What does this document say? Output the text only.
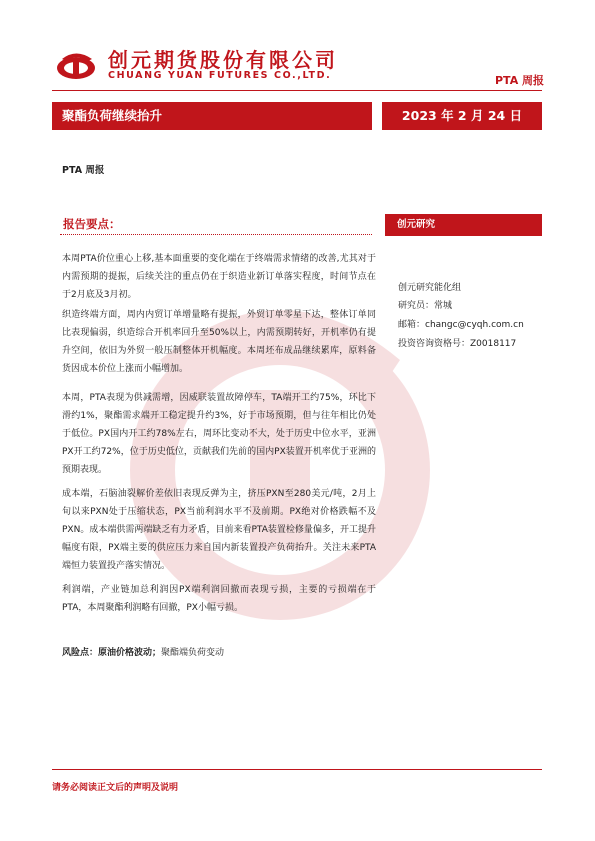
创元期货股份有限公司
CHUANG YUAN FUTURES CO.,LTD.	PTA 周报
聚酯负荷继续抬升	2023 年 2 月 24 日
PTA 周报
报告要点：

本周PTA价位重心上移,基本面重要的变化端在于终端需求情绪的改善,尤其对于内需预期的提振，后续关注的重点仍在于织造业新订单落实程度，时间节点在于2月底及3月初。

织造终端方面，周内内贸订单增量略有提振，外贸订单零星下达，整体订单同比表现偏弱，织造综合开机率回升至50%以上，内需预期转好，开机率仍有提升空间，依旧为外贸一般压制整体开机幅度。本周坯布成品继续累库，原料备货因成本价位上涨而小幅增加。

本周，PTA表现为供减需增，因威联装置故障停车，TA端开工约75%，环比下滑约1%，聚酯需求端开工稳定提升约3%，好于市场预期，但与往年相比仍处于低位。PX国内开工约78%左右，周环比变动不大，处于历史中位水平，亚洲PX开工约72%，位于历史低位，贡献我们先前的国内PX装置开机率优于亚洲的预期表现。

成本端，石脑油裂解价差依旧表现反弹为主，挤压PXN至280美元/吨，2月上旬以来PXN处于压缩状态，PX当前利润水平不及前期。PX绝对价格跌幅不及PXN。成本端供需两端缺乏有力矛盾，目前来看PTA装置检修量偏多，开工提升幅度有限，PX端主要的供应压力来自国内新装置投产负荷抬升。关注未来PTA端恒力装置投产落实情况。

利润端，产业链加总利润因PX端利润回撤而表现亏损，主要的亏损端在于PTA，本周聚酯利润略有回撤，PX小幅亏损。

风险点：原油价格波动；聚酯端负荷变动
创元研究
创元研究能化组
研究员：常城
邮箱：changc@cyqh.com.cn
投资咨询资格号：Z0018117
请务必阅读正文后的声明及说明
